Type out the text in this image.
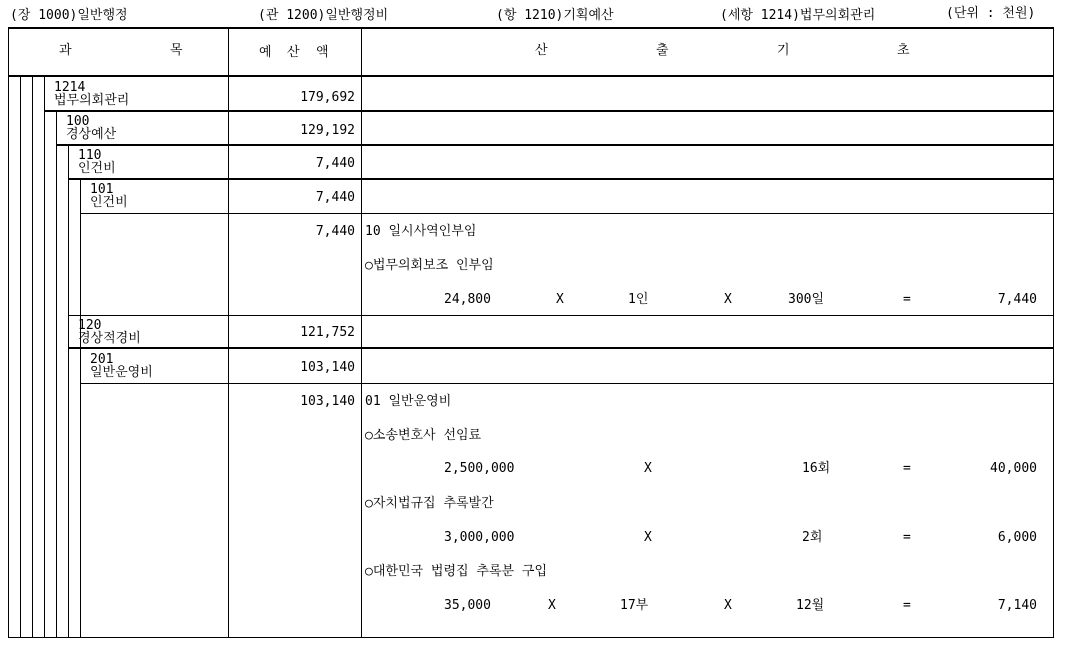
(장 1000)일반행정	(관 1200)일반행정비	(항 1210)기획예산	(세항 1214)법무의회관리	(단위 : 천원)
과	목	예 산 액	산	출	기	초
1214
법무의회관리	179,692
100
경상예산	129,192
110
인건비	7,440
101
인건비	7,440
7,440 10 일시사역인부임
○법무의회보조 인부임
24,800	X	1인	X	300일	=	7,440
120
경상적경비	121,752
201
일반운영비	103,140
103,140 01 일반운영비
○소송변호사 선임료
2,500,000	X	16회	=	40,000
○자치법규집 추록발간
3,000,000	X	2회	=	6,000
○대한민국 법령집 추록분 구입
35,000	X	17부	X	12월	=	7,140
